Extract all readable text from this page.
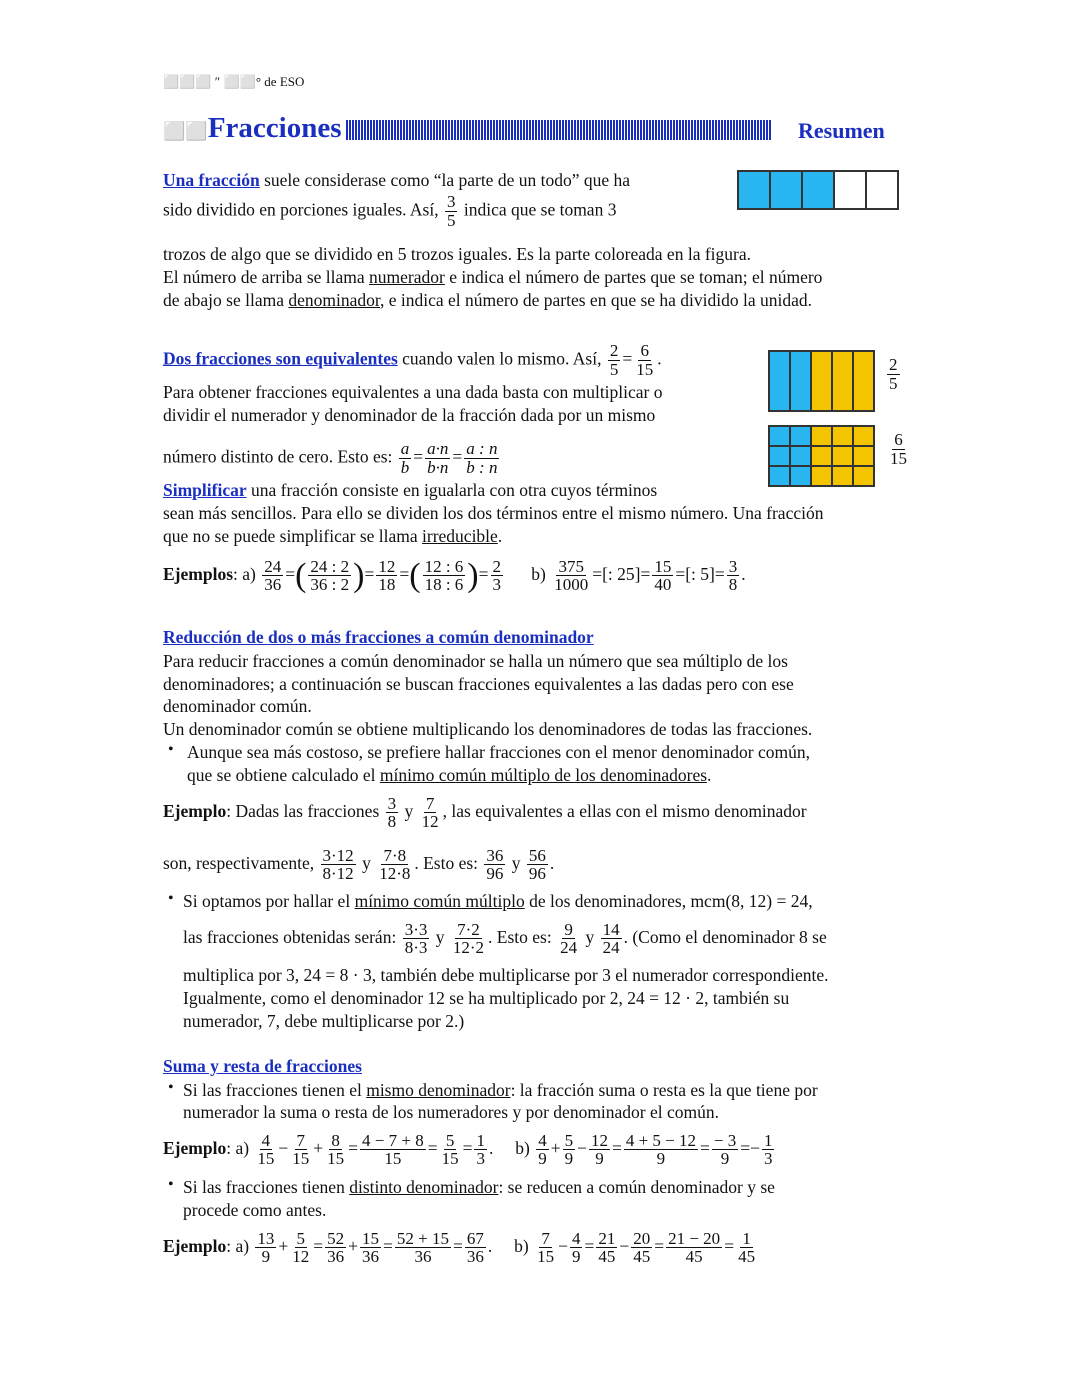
⬜⬜⬜ ″ ⬜⬜° de ESO
⬜⬜Fracciones	Resumen
Una fracción suele considerase como “la parte de un todo” que ha
sido dividido en porciones iguales. Así, $\frac{3}{5}$ indica que se toman 3
trozos de algo que se dividido en 5 trozos iguales. Es la parte coloreada en la figura.
El número de arriba se llama numerador e indica el número de partes que se toman; el número
de abajo se llama denominador, e indica el número de partes en que se ha dividido la unidad.
Dos fracciones son equivalentes cuando valen lo mismo. Así, $\frac{2}{5} = \frac{6}{15}$ .
Para obtener fracciones equivalentes a una dada basta con multiplicar o
dividir el numerador y denominador de la fracción dada por un mismo
número distinto de cero. Esto es: $\frac{a}{b} = \frac{a\cdot n}{b\cdot n} = \frac{a : n}{b : n}$
$\frac{2}{5}$
$\frac{6}{15}$
Simplificar una fracción consiste en igualarla con otra cuyos términos
sean más sencillos. Para ello se dividen los dos términos entre el mismo número. Una fracción
que no se puede simplificar se llama irreducible.
Ejemplos: $a) \frac{24}{36}$ =( $\frac{24 : 2}{36 : 2}$ )= $\frac{12}{18}$ =( $\frac{12 : 6}{18 : 6}$ )= $\frac{2}{3} b) \frac{375}{1000}$ =[: $25]= \frac{15}{40}$ =[: $5]= \frac{3}{8}$ .
Reducción de dos o más fracciones a común denominador
Para reducir fracciones a común denominador se halla un número que sea múltiplo de los
denominadores; a continuación se buscan fracciones equivalentes a las dadas pero con ese
denominador común.
Un denominador común se obtiene multiplicando los denominadores de todas las fracciones.
• Aunque sea más costoso, se prefiere hallar fracciones con el menor denominador común,
que se obtiene calculado el mínimo común múltiplo de los denominadores.
Ejemplo: Dadas las fracciones $\frac{3}{8}$ y $\frac{7}{12}$ , las equivalentes a ellas con el mismo denominador
son, respectivamente, $\frac{3\cdot 12}{8\cdot 12}$ y $\frac{7\cdot 8}{12\cdot 8}$ . Esto es: $\frac{36}{96}$ y $\frac{56}{96}$ .
• Si optamos por hallar el mínimo común múltiplo de los denominadores, mcm(8, 12) = 24,
las fracciones obtenidas serán: $\frac{3\cdot 3}{8\cdot 3}$ y $\frac{7\cdot 2}{12\cdot 2}$ . Esto es: $\frac{9}{24}$ y $\frac{14}{24}$ . (Como el denominador 8 se
multiplica por 3, 24 = 8 · 3, también debe multiplicarse por 3 el numerador correspondiente.
Igualmente, como el denominador 12 se ha multiplicado por 2, 24 = 12 · 2, también su
numerador, 7, debe multiplicarse por 2.)
Suma y resta de fracciones
• Si las fracciones tienen el mismo denominador: la fracción suma o resta es la que tiene por
numerador la suma o resta de los numeradores y por denominador el común.
Ejemplo: $a) \frac{4}{15} - \frac{7}{15} + \frac{8}{15} = \frac{4 - 7 + 8}{15} = \frac{5}{15} = \frac{1}{3}$ .     $b) \frac{4}{9} + \frac{5}{9} - \frac{12}{9} = \frac{4 + 5 - 12}{9} = \frac{- 3}{9} =- \frac{1}{3}$
• Si las fracciones tienen distinto denominador: se reducen a común denominador y se
procede como antes.
Ejemplo: $a) \frac{13}{9} + \frac{5}{12} = \frac{52}{36} + \frac{15}{36} = \frac{52 + 15}{36} = \frac{67}{36}$ .     $b) \frac{7}{15} - \frac{4}{9} = \frac{21}{45} - \frac{20}{45} = \frac{21 - 20}{45} = \frac{1}{45}$
